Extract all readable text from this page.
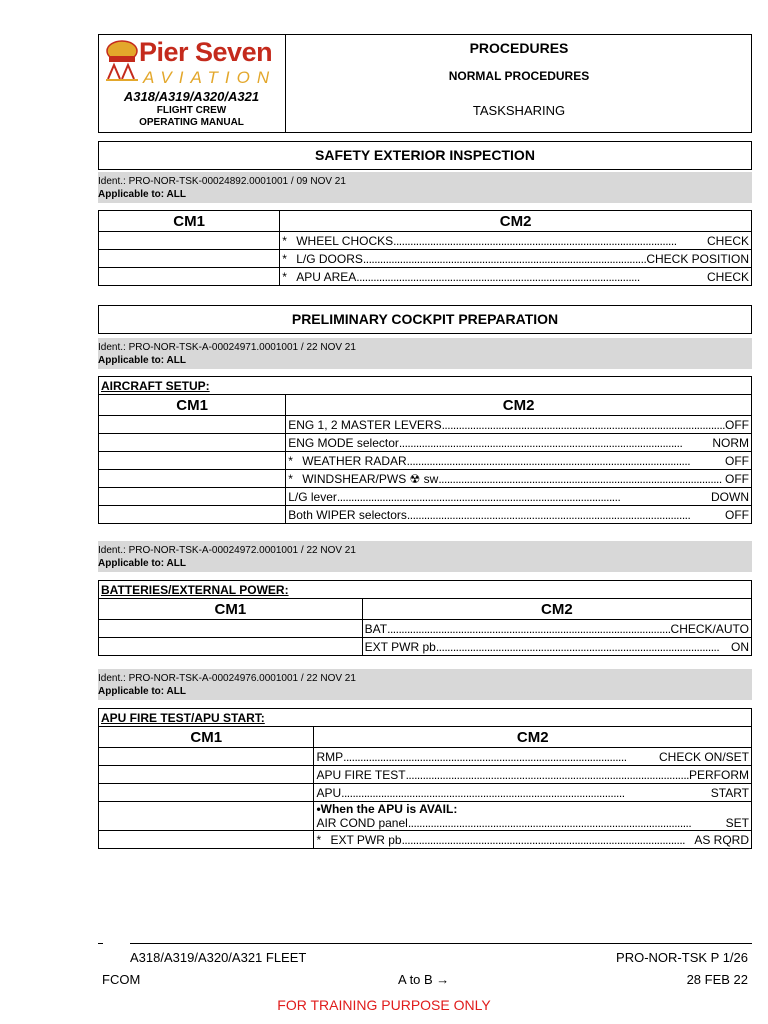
Pier Seven
AVIATION
A318/A319/A320/A321
FLIGHT CREW
OPERATING MANUAL
PROCEDURES
NORMAL PROCEDURES
TASKSHARING
SAFETY EXTERIOR INSPECTION
Ident.: PRO-NOR-TSK-00024892.0001001 / 09 NOV 21
Applicable to: ALL
CM1	CM2

	* WHEEL CHOCKS .................................................................................................... CHECK

	* L/G DOORS .................................................................................................... CHECK POSITION

	* APU AREA .................................................................................................... CHECK
PRELIMINARY COCKPIT PREPARATION
Ident.: PRO-NOR-TSK-A-00024971.0001001 / 22 NOV 21
Applicable to: ALL
AIRCRAFT SETUP:	
CM1	CM2

	ENG 1, 2 MASTER LEVERS .................................................................................................... OFF

	ENG MODE selector .................................................................................................... NORM

	* WEATHER RADAR .................................................................................................... OFF

	* WINDSHEAR/PWS ☢ sw .................................................................................................... OFF

	L/G lever .................................................................................................... DOWN

	Both WIPER selectors .................................................................................................... OFF
Ident.: PRO-NOR-TSK-A-00024972.0001001 / 22 NOV 21
Applicable to: ALL
BATTERIES/EXTERNAL POWER:	
CM1	CM2

	BAT .................................................................................................... CHECK/AUTO

	EXT PWR pb .................................................................................................... ON
Ident.: PRO-NOR-TSK-A-00024976.0001001 / 22 NOV 21
Applicable to: ALL
APU FIRE TEST/APU START:	
CM1	CM2

	RMP .................................................................................................... CHECK ON/SET

	APU FIRE TEST .................................................................................................... PERFORM

	APU .................................................................................................... START

	•When the APU is AVAIL:
AIR COND panel .................................................................................................... SET

	* EXT PWR pb .................................................................................................... AS RQRD
A318/A319/A320/A321 FLEET	PRO-NOR-TSK P 1/26
FCOM	A to B →	28 FEB 22
FOR TRAINING PURPOSE ONLY
